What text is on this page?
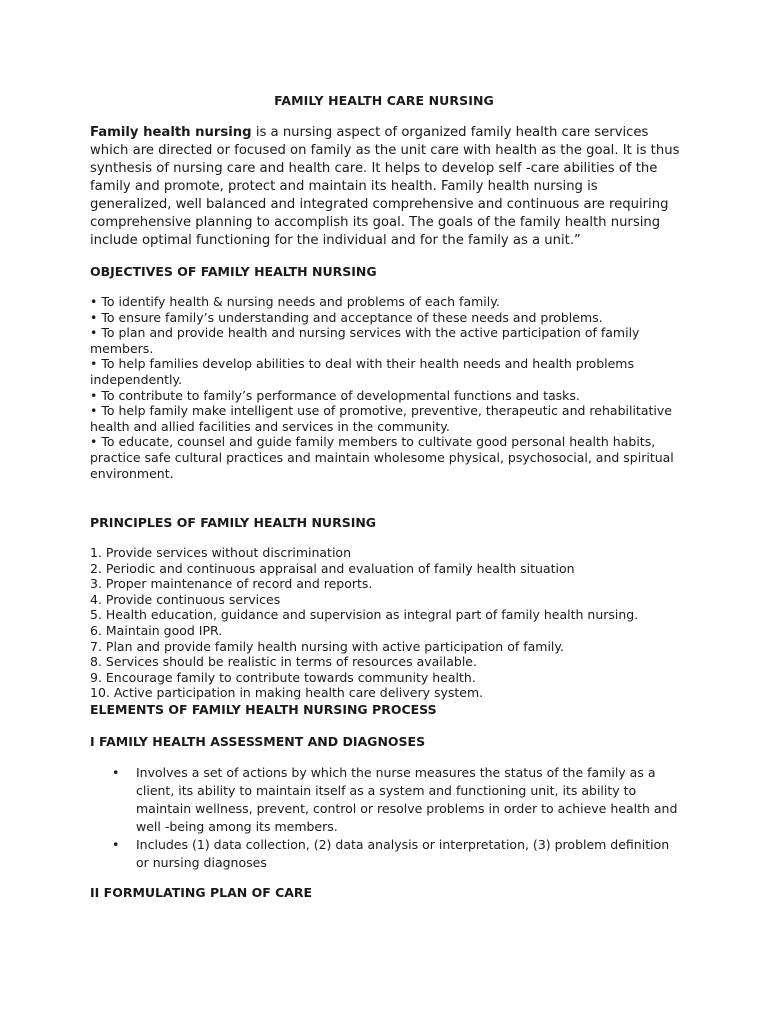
FAMILY HEALTH CARE NURSING

Family health nursing is a nursing aspect of organized family health care services which are directed or focused on family as the unit care with health as the goal. It is thus synthesis of nursing care and health care. It helps to develop self -care abilities of the family and promote, protect and maintain its health. Family health nursing is generalized, well balanced and integrated comprehensive and continuous are requiring comprehensive planning to accomplish its goal. The goals of the family health nursing include optimal functioning for the individual and for the family as a unit.”

OBJECTIVES OF FAMILY HEALTH NURSING
• To identify health & nursing needs and problems of each family.
• To ensure family’s understanding and acceptance of these needs and problems.
• To plan and provide health and nursing services with the active participation of family members.
• To help families develop abilities to deal with their health needs and health problems independently.
• To contribute to family’s performance of developmental functions and tasks.
• To help family make intelligent use of promotive, preventive, therapeutic and rehabilitative health and allied facilities and services in the community.
• To educate, counsel and guide family members to cultivate good personal health habits, practice safe cultural practices and maintain wholesome physical, psychosocial, and spiritual environment.
PRINCIPLES OF FAMILY HEALTH NURSING
1. Provide services without discrimination
2. Periodic and continuous appraisal and evaluation of family health situation
3. Proper maintenance of record and reports.
4. Provide continuous services
5. Health education, guidance and supervision as integral part of family health nursing.
6. Maintain good IPR.
7. Plan and provide family health nursing with active participation of family.
8. Services should be realistic in terms of resources available.
9. Encourage family to contribute towards community health.
10. Active participation in making health care delivery system.
ELEMENTS OF FAMILY HEALTH NURSING PROCESS
I FAMILY HEALTH ASSESSMENT AND DIAGNOSES
• Involves a set of actions by which the nurse measures the status of the family as a client, its ability to maintain itself as a system and functioning unit, its ability to maintain wellness, prevent, control or resolve problems in order to achieve health and well -being among its members.
• Includes (1) data collection, (2) data analysis or interpretation, (3) problem definition or nursing diagnoses
II FORMULATING PLAN OF CARE
